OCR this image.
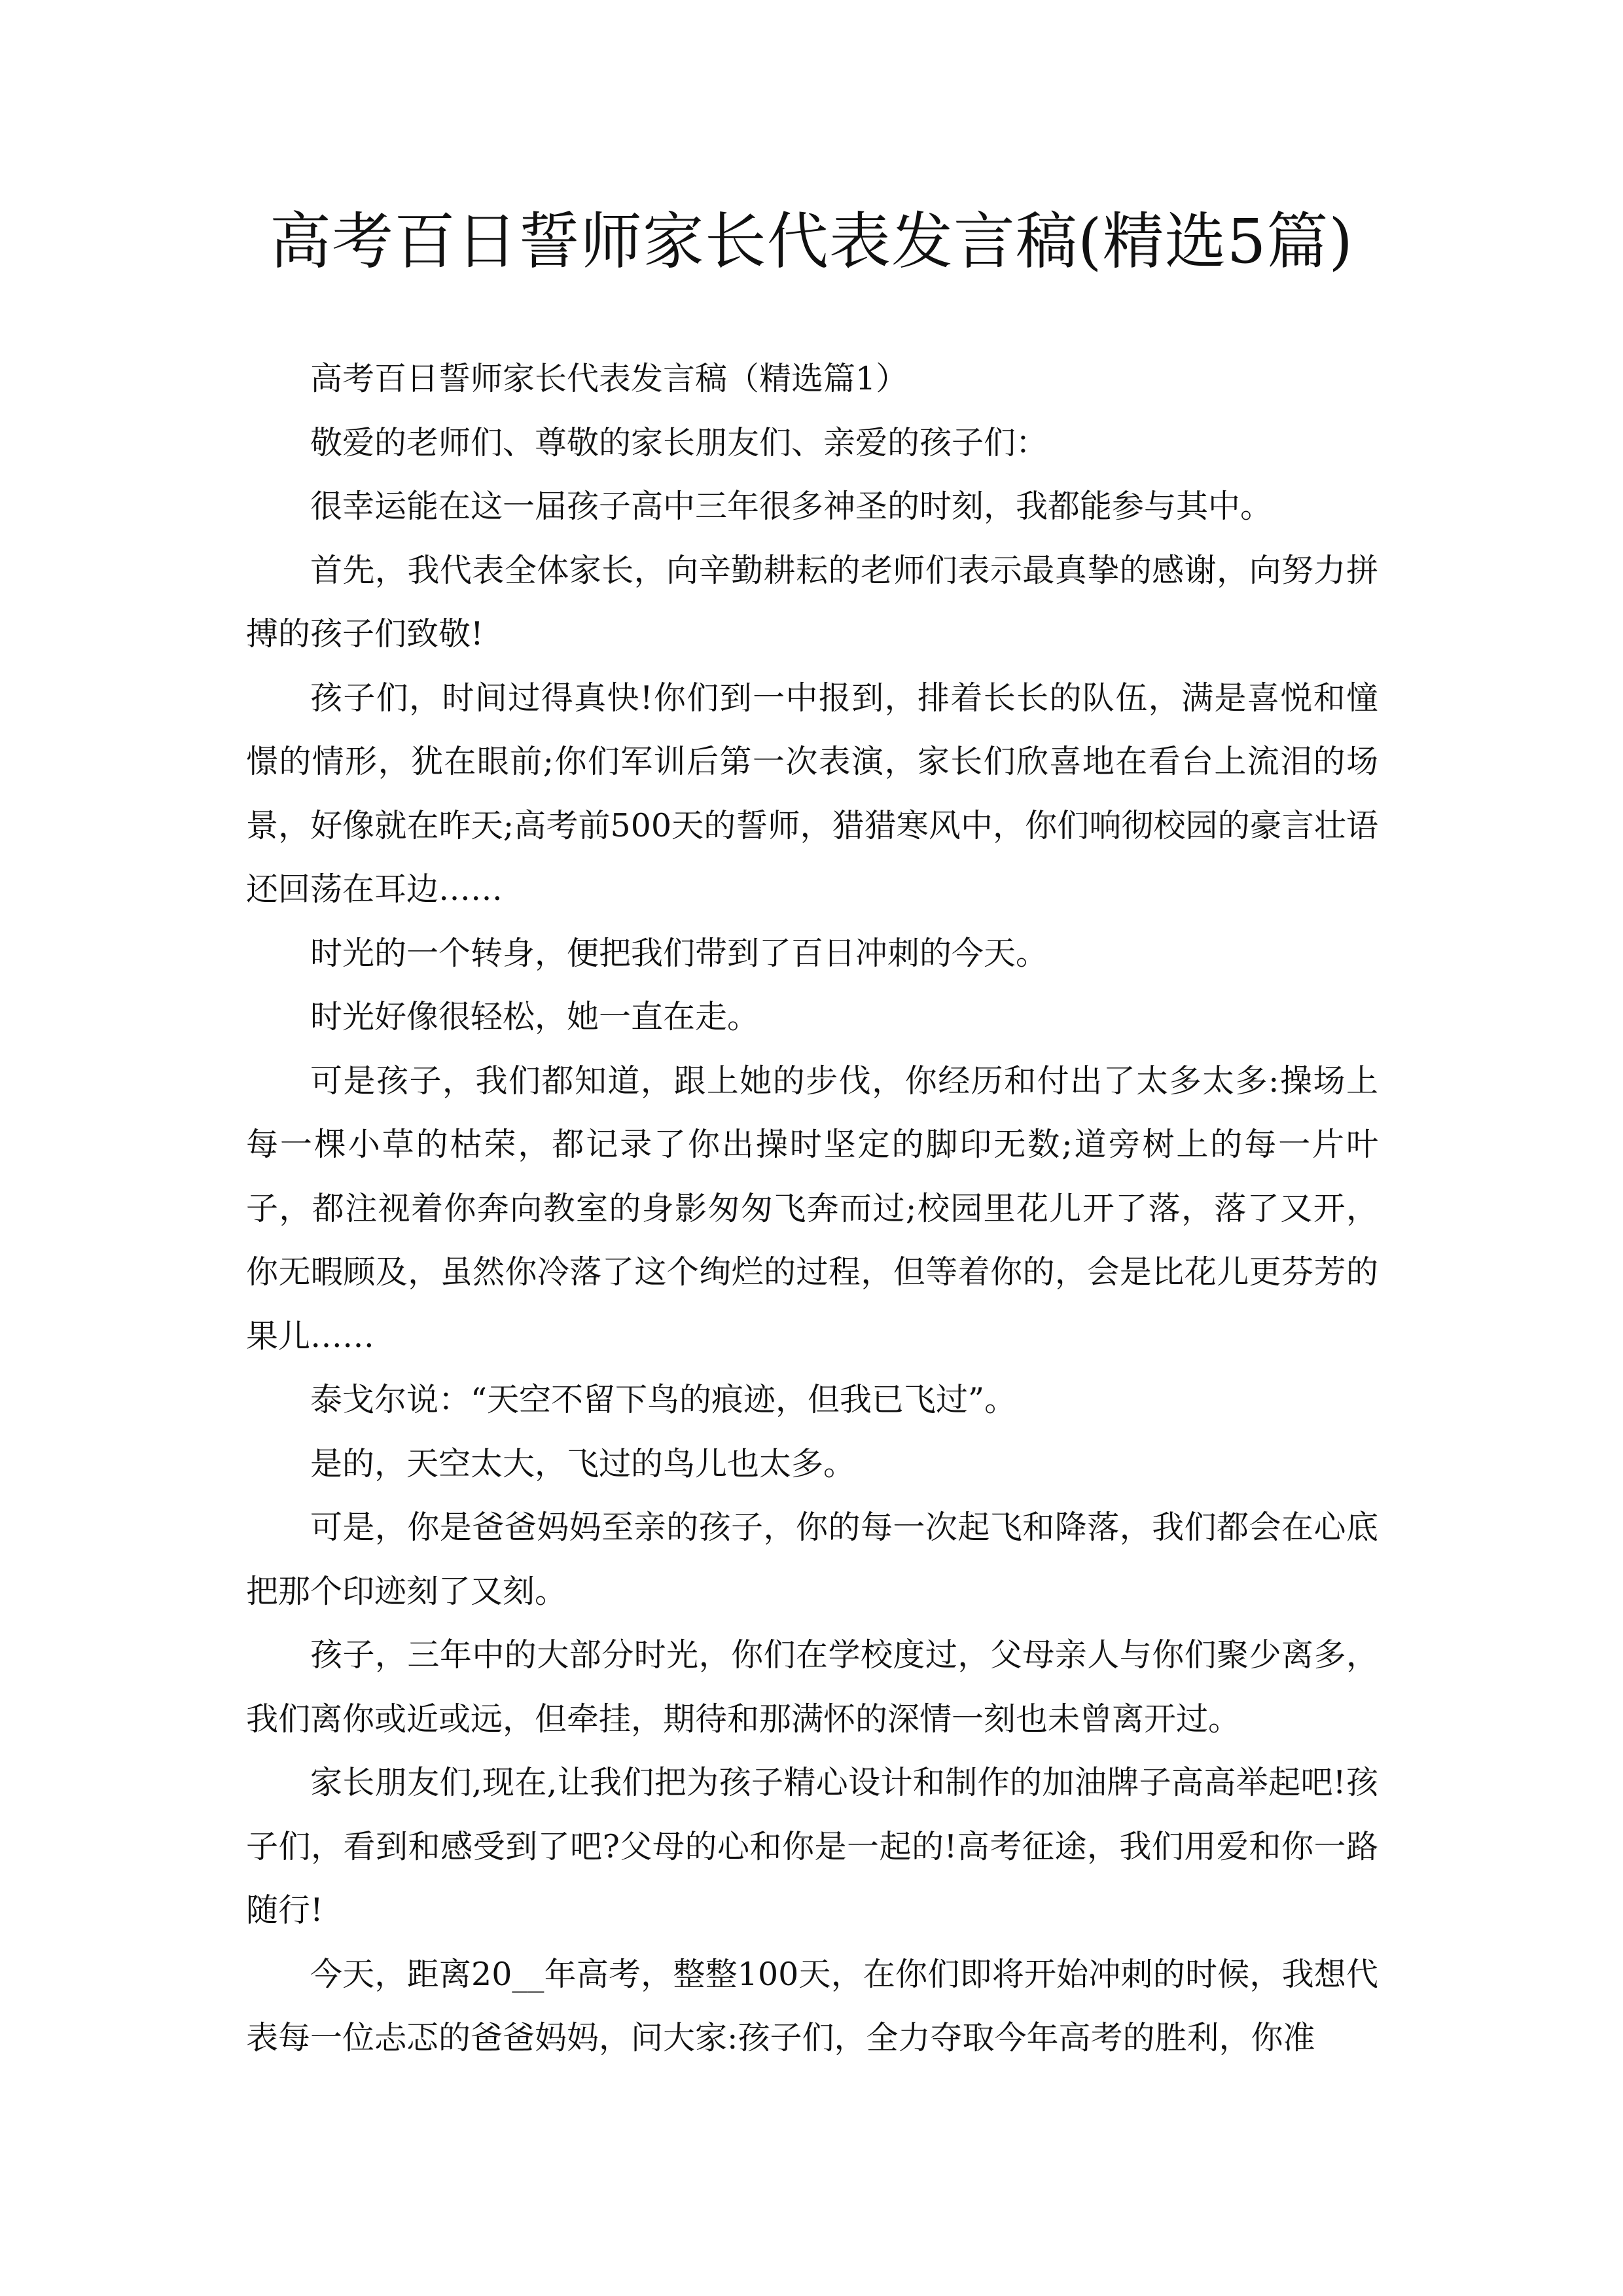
高考百日誓师家长代表发言稿(精选5篇)

高考百日誓师家长代表发言稿（精选篇1）

敬爱的老师们、尊敬的家长朋友们、亲爱的孩子们：

很幸运能在这一届孩子高中三年很多神圣的时刻，我都能参与其中。

首先，我代表全体家长，向辛勤耕耘的老师们表示最真挚的感谢，向努力拼搏的孩子们致敬!

孩子们，时间过得真快!你们到一中报到，排着长长的队伍，满是喜悦和憧憬的情形，犹在眼前;你们军训后第一次表演，家长们欣喜地在看台上流泪的场景，好像就在昨天;高考前500天的誓师，猎猎寒风中，你们响彻校园的豪言壮语还回荡在耳边……

时光的一个转身，便把我们带到了百日冲刺的今天。

时光好像很轻松，她一直在走。

可是孩子，我们都知道，跟上她的步伐，你经历和付出了太多太多:操场上每一棵小草的枯荣，都记录了你出操时坚定的脚印无数;道旁树上的每一片叶子，都注视着你奔向教室的身影匆匆飞奔而过;校园里花儿开了落，落了又开，你无暇顾及，虽然你冷落了这个绚烂的过程，但等着你的，会是比花儿更芬芳的果儿……

泰戈尔说：“天空不留下鸟的痕迹，但我已飞过”。

是的，天空太大，飞过的鸟儿也太多。

可是，你是爸爸妈妈至亲的孩子，你的每一次起飞和降落，我们都会在心底把那个印迹刻了又刻。

孩子，三年中的大部分时光，你们在学校度过，父母亲人与你们聚少离多，我们离你或近或远，但牵挂，期待和那满怀的深情一刻也未曾离开过。

家长朋友们,现在,让我们把为孩子精心设计和制作的加油牌子高高举起吧!孩子们，看到和感受到了吧?父母的心和你是一起的!高考征途，我们用爱和你一路随行!

今天，距离20__年高考，整整100天，在你们即将开始冲刺的时候，我想代表每一位忐忑的爸爸妈妈，问大家:孩子们，全力夺取今年高考的胜利，你准
